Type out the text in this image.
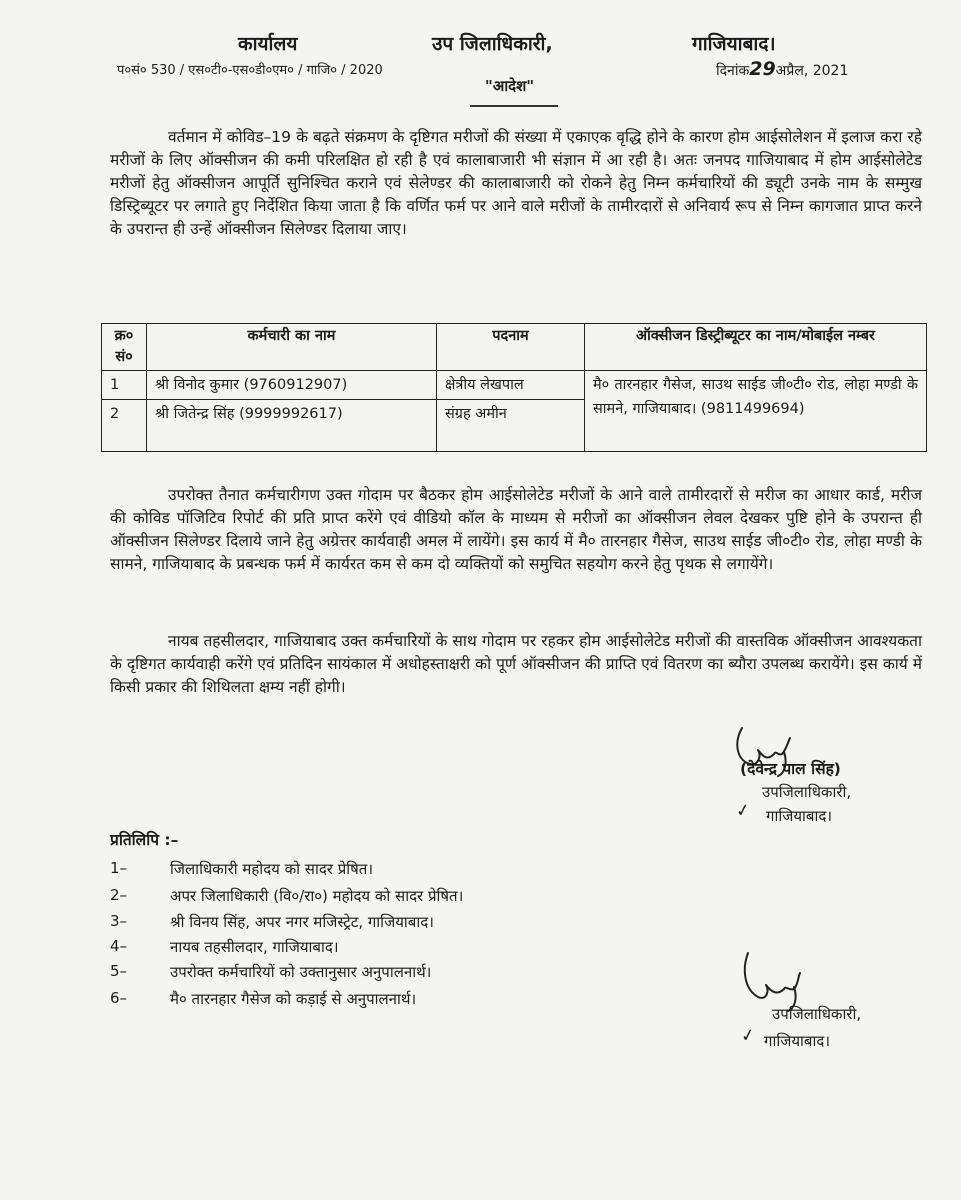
कार्यालय	उप जिलाधिकारी,	गाजियाबाद।
प०सं० 530 / एस०टी०-एस०डी०एम० / गाजि० / 2020	दिनांक29अप्रैल, 2021
"आदेश"
वर्तमान में कोविड–19 के बढ़ते संक्रमण के दृष्टिगत मरीजों की संख्या में एकाएक वृद्धि होने के कारण होम आईसोलेशन में इलाज करा रहे मरीजों के लिए ऑक्सीजन की कमी परिलक्षित हो रही है एवं कालाबाजारी भी संज्ञान में आ रही है। अतः जनपद गाजियाबाद में होम आईसोलेटेड मरीजों हेतु ऑक्सीजन आपूर्ति सुनिश्चित कराने एवं सेलेण्डर की कालाबाजारी को रोकने हेतु निम्न कर्मचारियों की ड्यूटी उनके नाम के सम्मुख डिस्ट्रिब्यूटर पर लगाते हुए निर्देशित किया जाता है कि वर्णित फर्म पर आने वाले मरीजों के तामीरदारों से अनिवार्य रूप से निम्न कागजात प्राप्त करने के उपरान्त ही उन्हें ऑक्सीजन सिलेण्डर दिलाया जाए।
क्र० सं०	कर्मचारी का नाम	पदनाम	ऑक्सीजन डिस्ट्रीब्यूटर का नाम/मोबाईल नम्बर
1	श्री विनोद कुमार (9760912907)	क्षेत्रीय लेखपाल	मै० तारनहार गैसेज, साउथ साईड जी०टी० रोड, लोहा मण्डी के सामने, गाजियाबाद। (9811499694)
2	श्री जितेन्द्र सिंह (9999992617)	संग्रह अमीन	
उपरोक्त तैनात कर्मचारीगण उक्त गोदाम पर बैठकर होम आईसोलेटेड मरीजों के आने वाले तामीरदारों से मरीज का आधार कार्ड, मरीज की कोविड पॉजिटिव रिपोर्ट की प्रति प्राप्त करेंगे एवं वीडियो कॉल के माध्यम से मरीजों का ऑक्सीजन लेवल देखकर पुष्टि होने के उपरान्त ही ऑक्सीजन सिलेण्डर दिलाये जाने हेतु अग्रेत्तर कार्यवाही अमल में लायेंगे। इस कार्य में मै० तारनहार गैसेज, साउथ साईड जी०टी० रोड, लोहा मण्डी के सामने, गाजियाबाद के प्रबन्धक फर्म में कार्यरत कम से कम दो व्यक्तियों को समुचित सहयोग करने हेतु पृथक से लगायेंगे।
नायब तहसीलदार, गाजियाबाद उक्त कर्मचारियों के साथ गोदाम पर रहकर होम आईसोलेटेड मरीजों की वास्तविक ऑक्सीजन आवश्यकता के दृष्टिगत कार्यवाही करेंगे एवं प्रतिदिन सायंकाल में अधोहस्ताक्षरी को पूर्ण ऑक्सीजन की प्राप्ति एवं वितरण का ब्यौरा उपलब्ध करायेंगे। इस कार्य में किसी प्रकार की शिथिलता क्षम्य नहीं होगी।
(देवेन्द्र पाल सिंह)
उपजिलाधिकारी,
✓ गाजियाबाद।
प्रतिलिपि :–
1–	जिलाधिकारी महोदय को सादर प्रेषित।
2–	अपर जिलाधिकारी (वि०/रा०) महोदय को सादर प्रेषित।
3–	श्री विनय सिंह, अपर नगर मजिस्ट्रेट, गाजियाबाद।
4–	नायब तहसीलदार, गाजियाबाद।
5–	उपरोक्त कर्मचारियों को उक्तानुसार अनुपालनार्थ।
6–	मै० तारनहार गैसेज को कड़ाई से अनुपालनार्थ।
उपजिलाधिकारी,
✓ गाजियाबाद।
